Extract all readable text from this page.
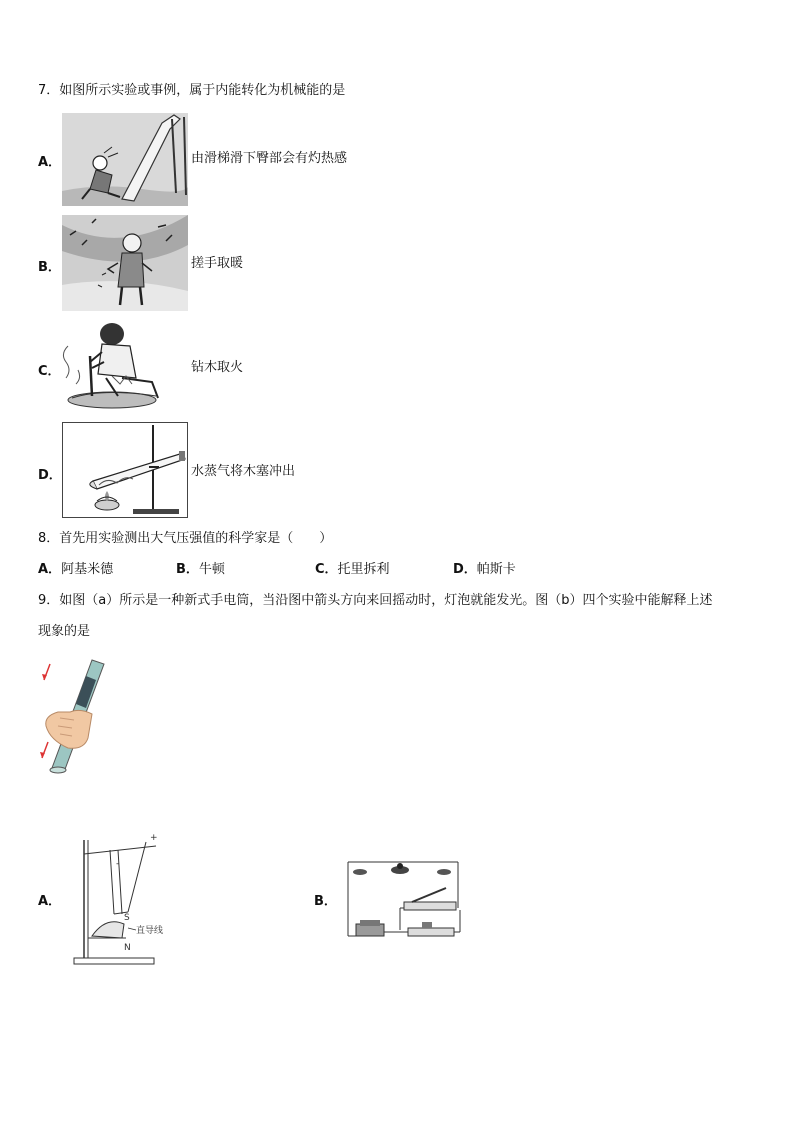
7．如图所示实验或事例，属于内能转化为机械能的是
A．	由滑梯滑下臀部会有灼热感
B．	搓手取暖
C．	钻木取火
D．	水蒸气将木塞冲出
8．首先用实验测出大气压强值的科学家是（　　）
A．阿基米德	B．牛顿	C．托里拆利	D．帕斯卡
9．如图（a）所示是一种新式手电筒，当沿图中箭头方向来回摇动时，灯泡就能发光。图（b）四个实验中能解释上述
现象的是
A．
+
-
S
N
直导线
B．
